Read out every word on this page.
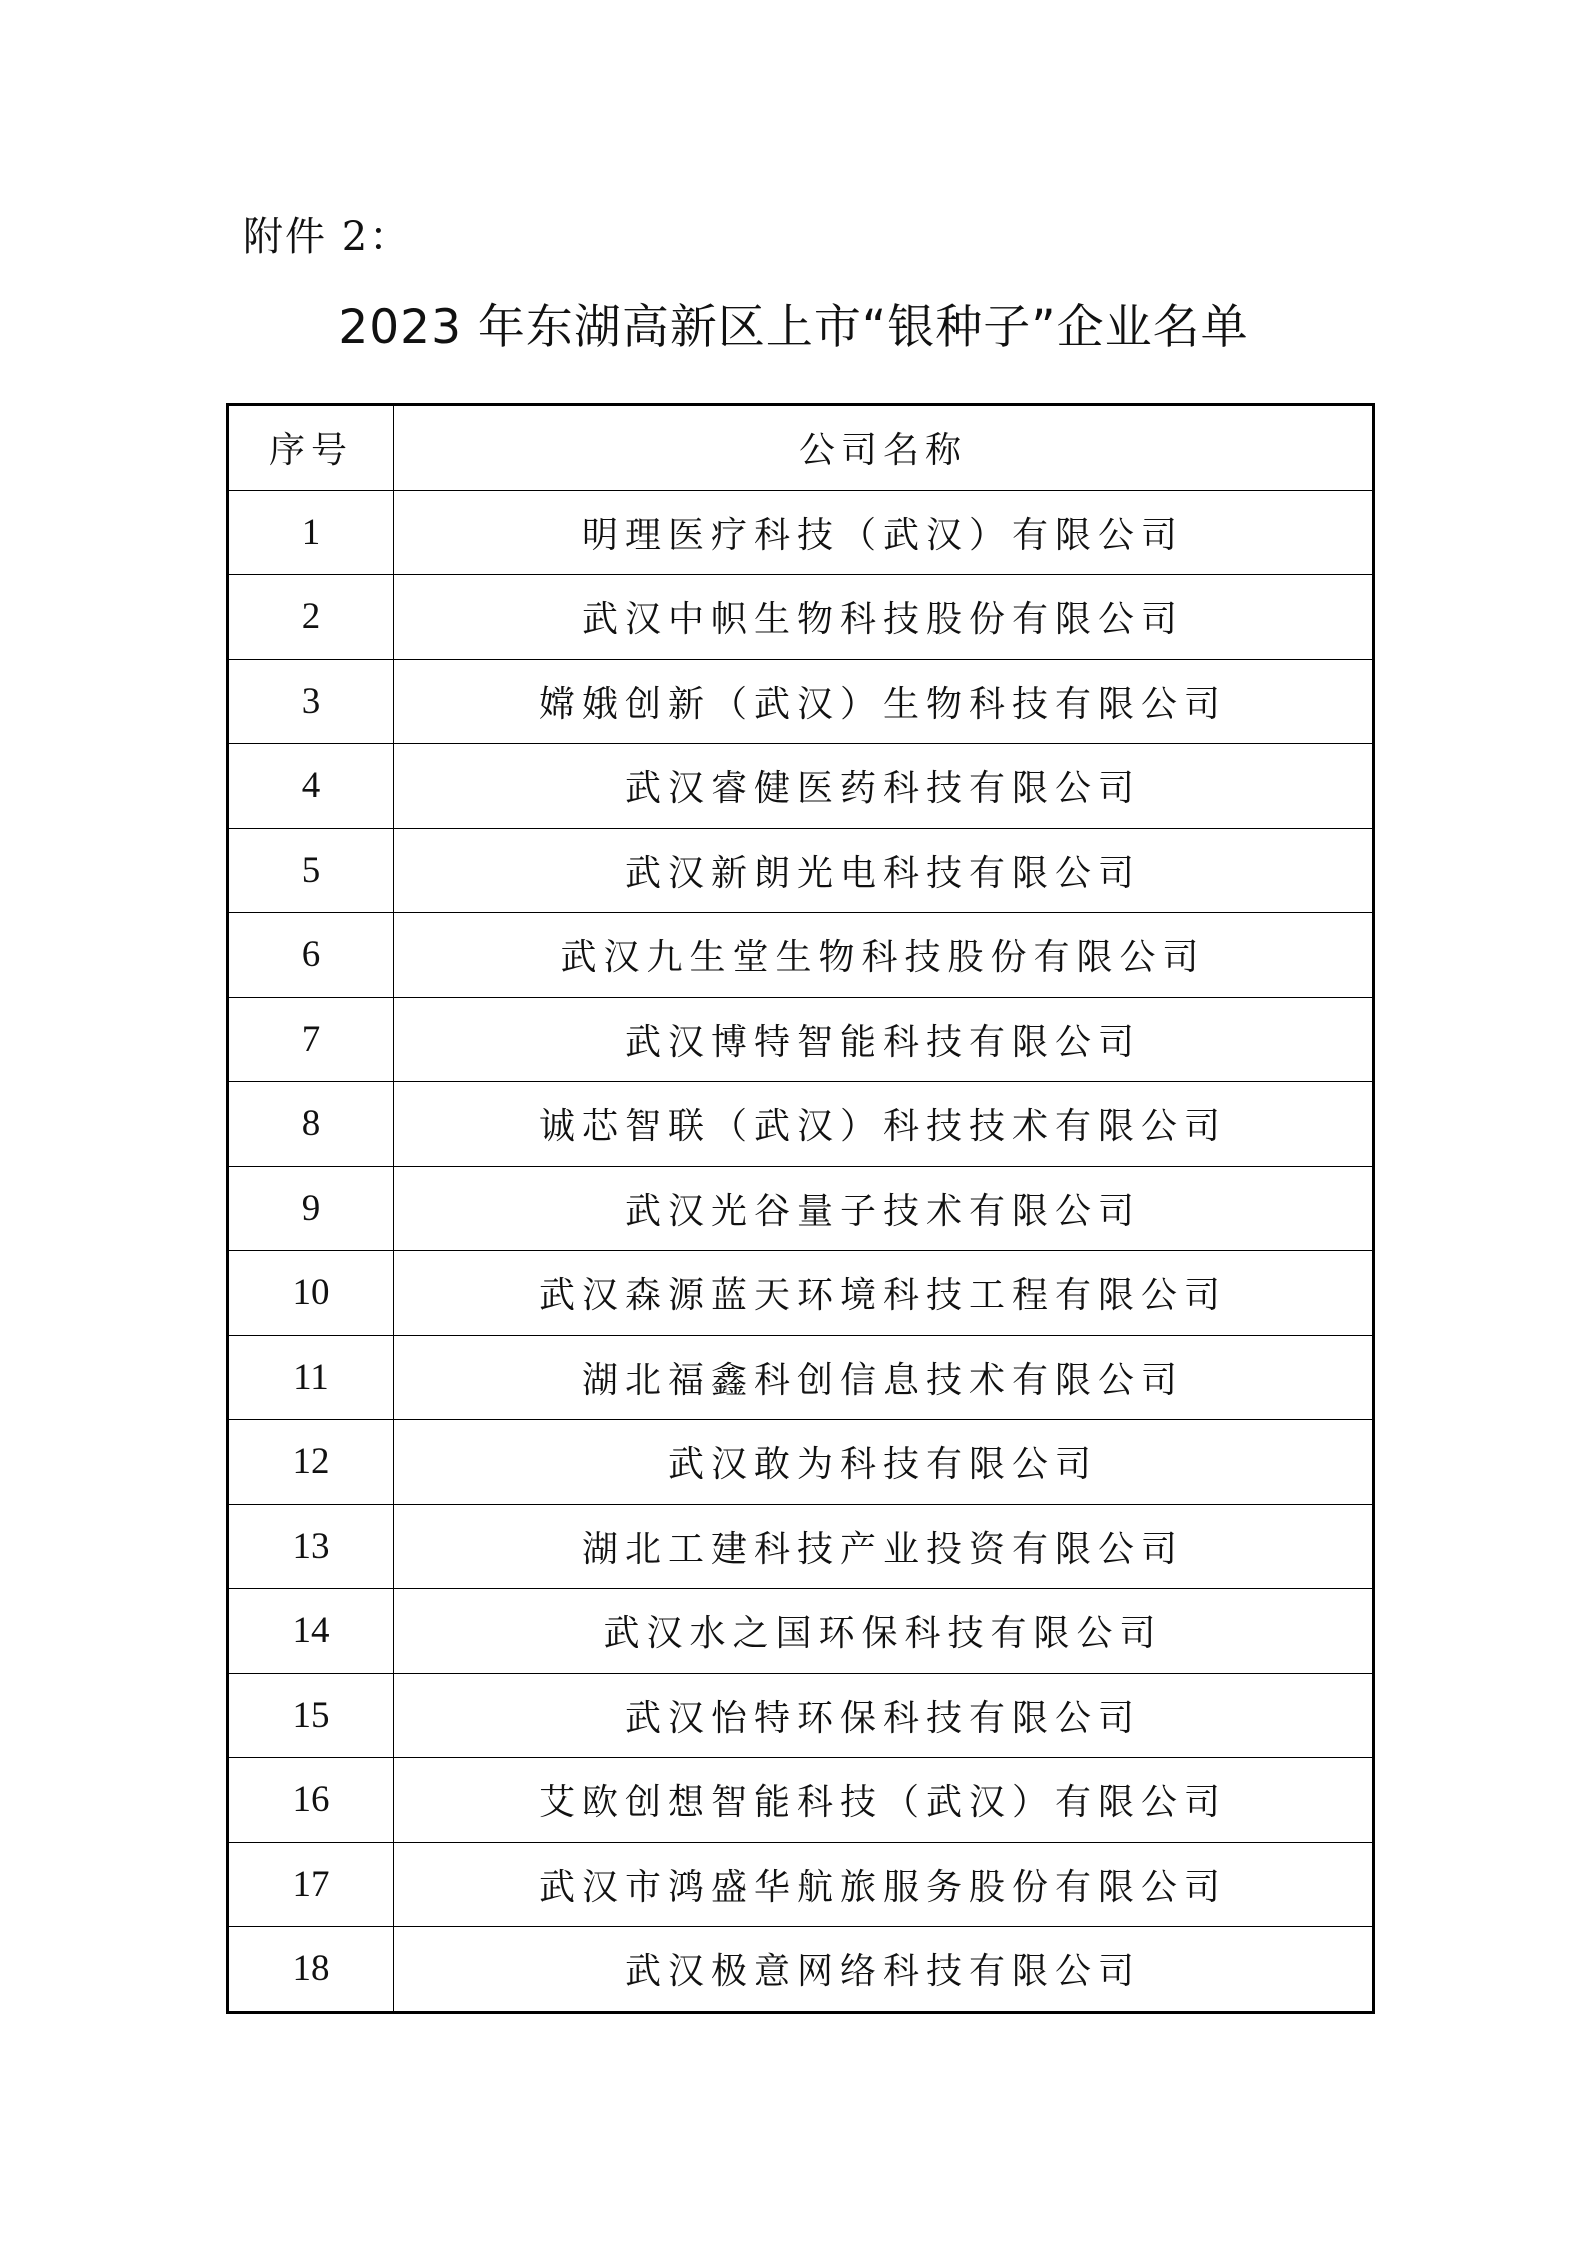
附件 2：
2023 年东湖高新区上市“银种子”企业名单
序号	公司名称
1	明理医疗科技（武汉）有限公司
2	武汉中帜生物科技股份有限公司
3	嫦娥创新（武汉）生物科技有限公司
4	武汉睿健医药科技有限公司
5	武汉新朗光电科技有限公司
6	武汉九生堂生物科技股份有限公司
7	武汉博特智能科技有限公司
8	诚芯智联（武汉）科技技术有限公司
9	武汉光谷量子技术有限公司
10	武汉森源蓝天环境科技工程有限公司
11	湖北福鑫科创信息技术有限公司
12	武汉敢为科技有限公司
13	湖北工建科技产业投资有限公司
14	武汉水之国环保科技有限公司
15	武汉怡特环保科技有限公司
16	艾欧创想智能科技（武汉）有限公司
17	武汉市鸿盛华航旅服务股份有限公司
18	武汉极意网络科技有限公司
